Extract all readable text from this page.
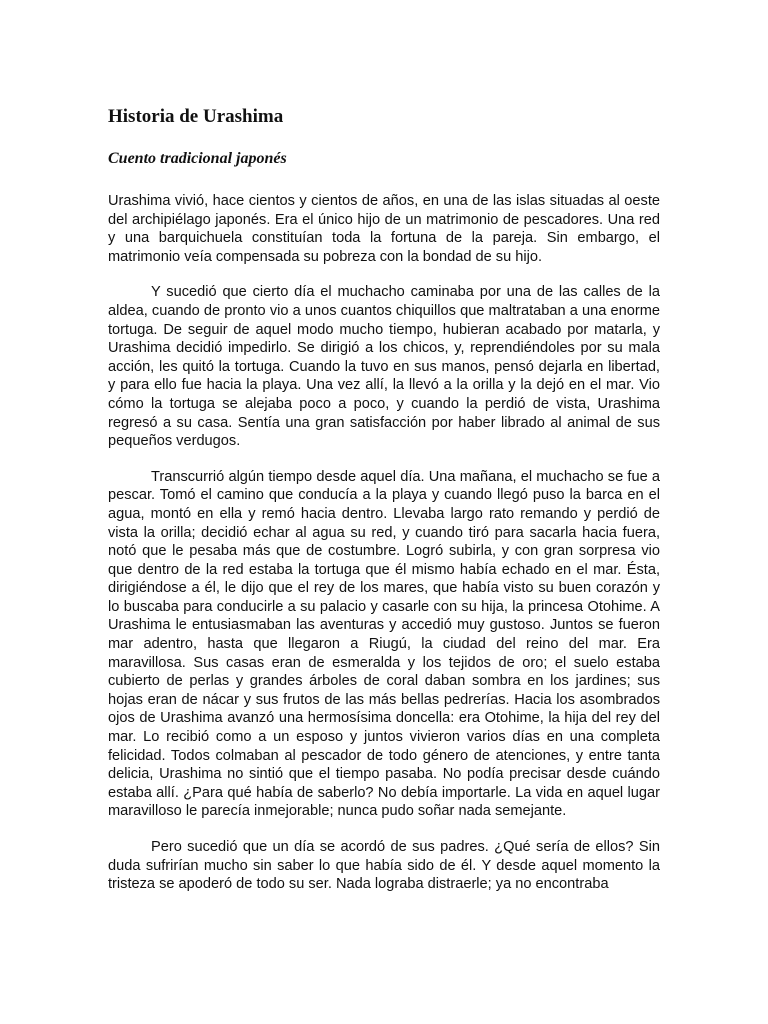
Historia de Urashima
Cuento tradicional japonés

Urashima vivió, hace cientos y cientos de años, en una de las islas situadas al oeste del archipiélago japonés. Era el único hijo de un matrimonio de pescadores. Una red y una barquichuela constituían toda la fortuna de la pareja. Sin embargo, el matrimonio veía compensada su pobreza con la bondad de su hijo.

Y sucedió que cierto día el muchacho caminaba por una de las calles de la aldea, cuando de pronto vio a unos cuantos chiquillos que maltrataban a una enorme tortuga. De seguir de aquel modo mucho tiempo, hubieran acabado por matarla, y Urashima decidió impedirlo. Se dirigió a los chicos, y, reprendiéndoles por su mala acción, les quitó la tortuga. Cuando la tuvo en sus manos, pensó dejarla en libertad, y para ello fue hacia la playa. Una vez allí, la llevó a la orilla y la dejó en el mar. Vio cómo la tortuga se alejaba poco a poco, y cuando la perdió de vista, Urashima regresó a su casa. Sentía una gran satisfacción por haber librado al animal de sus pequeños verdugos.

Transcurrió algún tiempo desde aquel día. Una mañana, el muchacho se fue a pescar. Tomó el camino que conducía a la playa y cuando llegó puso la barca en el agua, montó en ella y remó hacia dentro. Llevaba largo rato remando y perdió de vista la orilla; decidió echar al agua su red, y cuando tiró para sacarla hacia fuera, notó que le pesaba más que de costumbre. Logró subirla, y con gran sorpresa vio que dentro de la red estaba la tortuga que él mismo había echado en el mar. Ésta, dirigiéndose a él, le dijo que el rey de los mares, que había visto su buen corazón y lo buscaba para conducirle a su palacio y casarle con su hija, la princesa Otohime. A Urashima le entusiasmaban las aventuras y accedió muy gustoso. Juntos se fueron mar adentro, hasta que llegaron a Riugú, la ciudad del reino del mar. Era maravillosa. Sus casas eran de esmeralda y los tejidos de oro; el suelo estaba cubierto de perlas y grandes árboles de coral daban sombra en los jardines; sus hojas eran de nácar y sus frutos de las más bellas pedrerías. Hacia los asombrados ojos de Urashima avanzó una hermosísima doncella: era Otohime, la hija del rey del mar. Lo recibió como a un esposo y juntos vivieron varios días en una completa felicidad. Todos colmaban al pescador de todo género de atenciones, y entre tanta delicia, Urashima no sintió que el tiempo pasaba. No podía precisar desde cuándo estaba allí. ¿Para qué había de saberlo? No debía importarle. La vida en aquel lugar maravilloso le parecía inmejorable; nunca pudo soñar nada semejante.

Pero sucedió que un día se acordó de sus padres. ¿Qué sería de ellos? Sin duda sufrirían mucho sin saber lo que había sido de él. Y desde aquel momento la tristeza se apoderó de todo su ser. Nada lograba distraerle; ya no encontraba
